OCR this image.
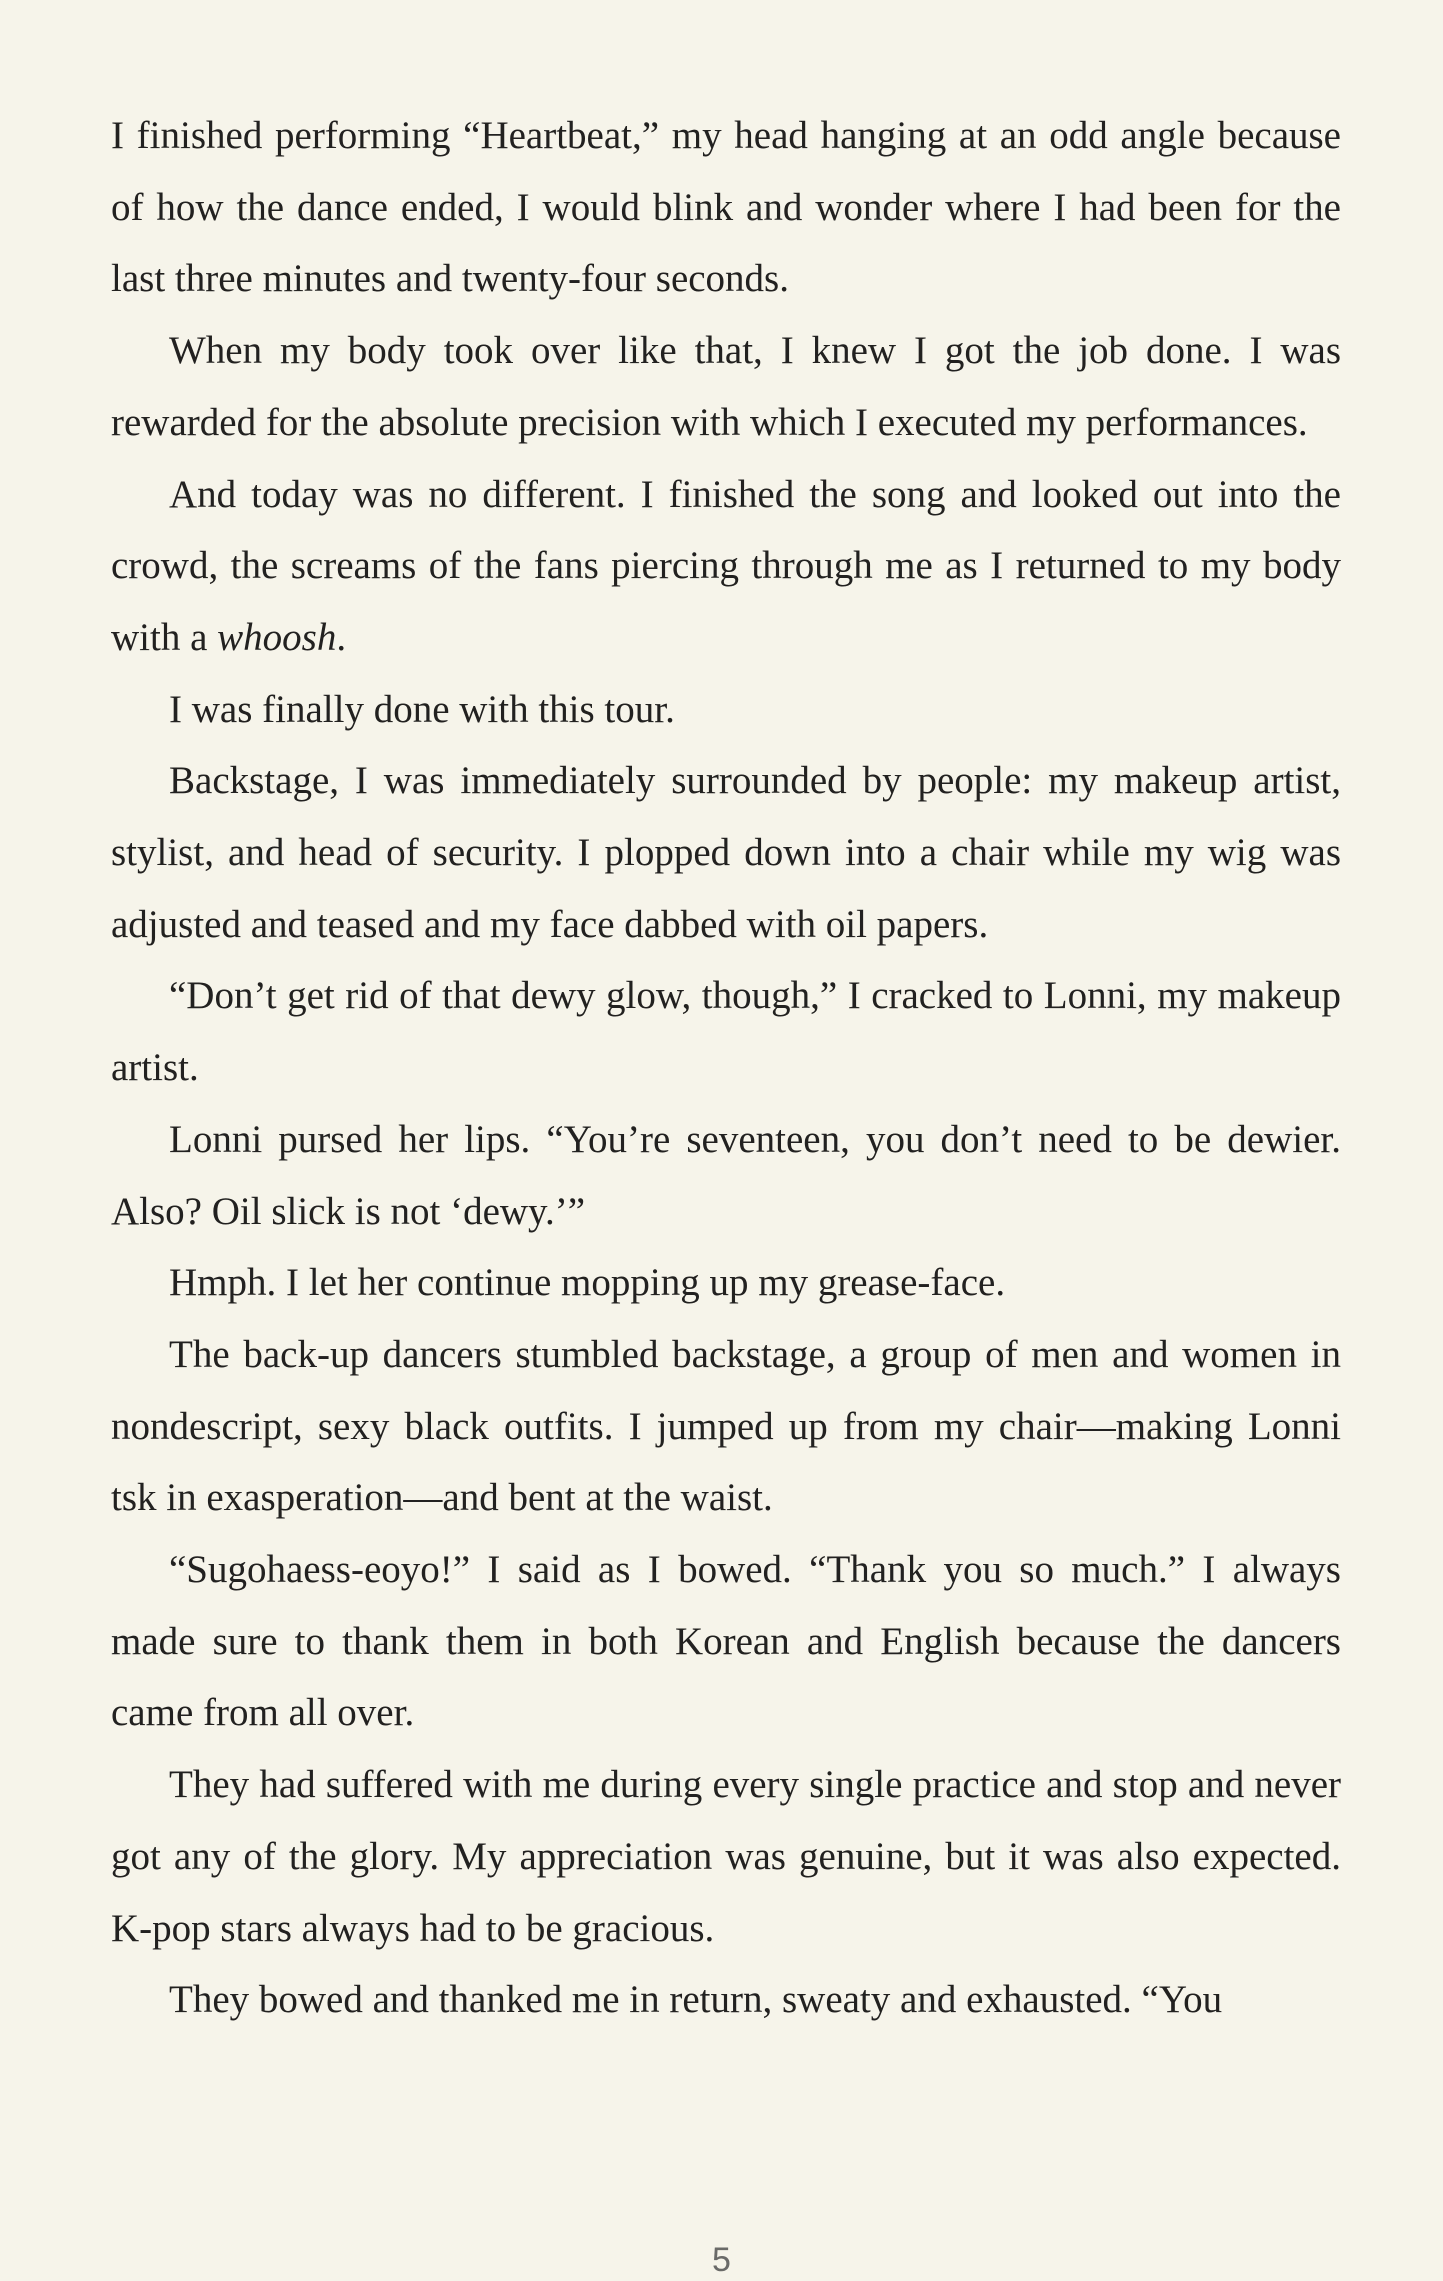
I finished performing “Heartbeat,” my head hanging at an odd angle because of how the dance ended, I would blink and wonder where I had been for the last three minutes and twenty-four seconds.

When my body took over like that, I knew I got the job done. I was rewarded for the absolute precision with which I executed my performances.

And today was no different. I finished the song and looked out into the crowd, the screams of the fans piercing through me as I returned to my body with a whoosh.

I was finally done with this tour.

Backstage, I was immediately surrounded by people: my makeup artist, stylist, and head of security. I plopped down into a chair while my wig was adjusted and teased and my face dabbed with oil papers.

“Don’t get rid of that dewy glow, though,” I cracked to Lonni, my makeup artist.

Lonni pursed her lips. “You’re seventeen, you don’t need to be dewier. Also? Oil slick is not ‘dewy.’”

Hmph. I let her continue mopping up my grease-face.

The back-up dancers stumbled backstage, a group of men and women in nondescript, sexy black outfits. I jumped up from my chair—making Lonni tsk in exasperation—and bent at the waist.

“Sugohaess-eoyo!” I said as I bowed. “Thank you so much.” I always made sure to thank them in both Korean and English because the dancers came from all over.

They had suffered with me during every single practice and stop and never got any of the glory. My appreciation was genuine, but it was also expected. K-pop stars always had to be gracious.

They bowed and thanked me in return, sweaty and exhausted. “You

5
